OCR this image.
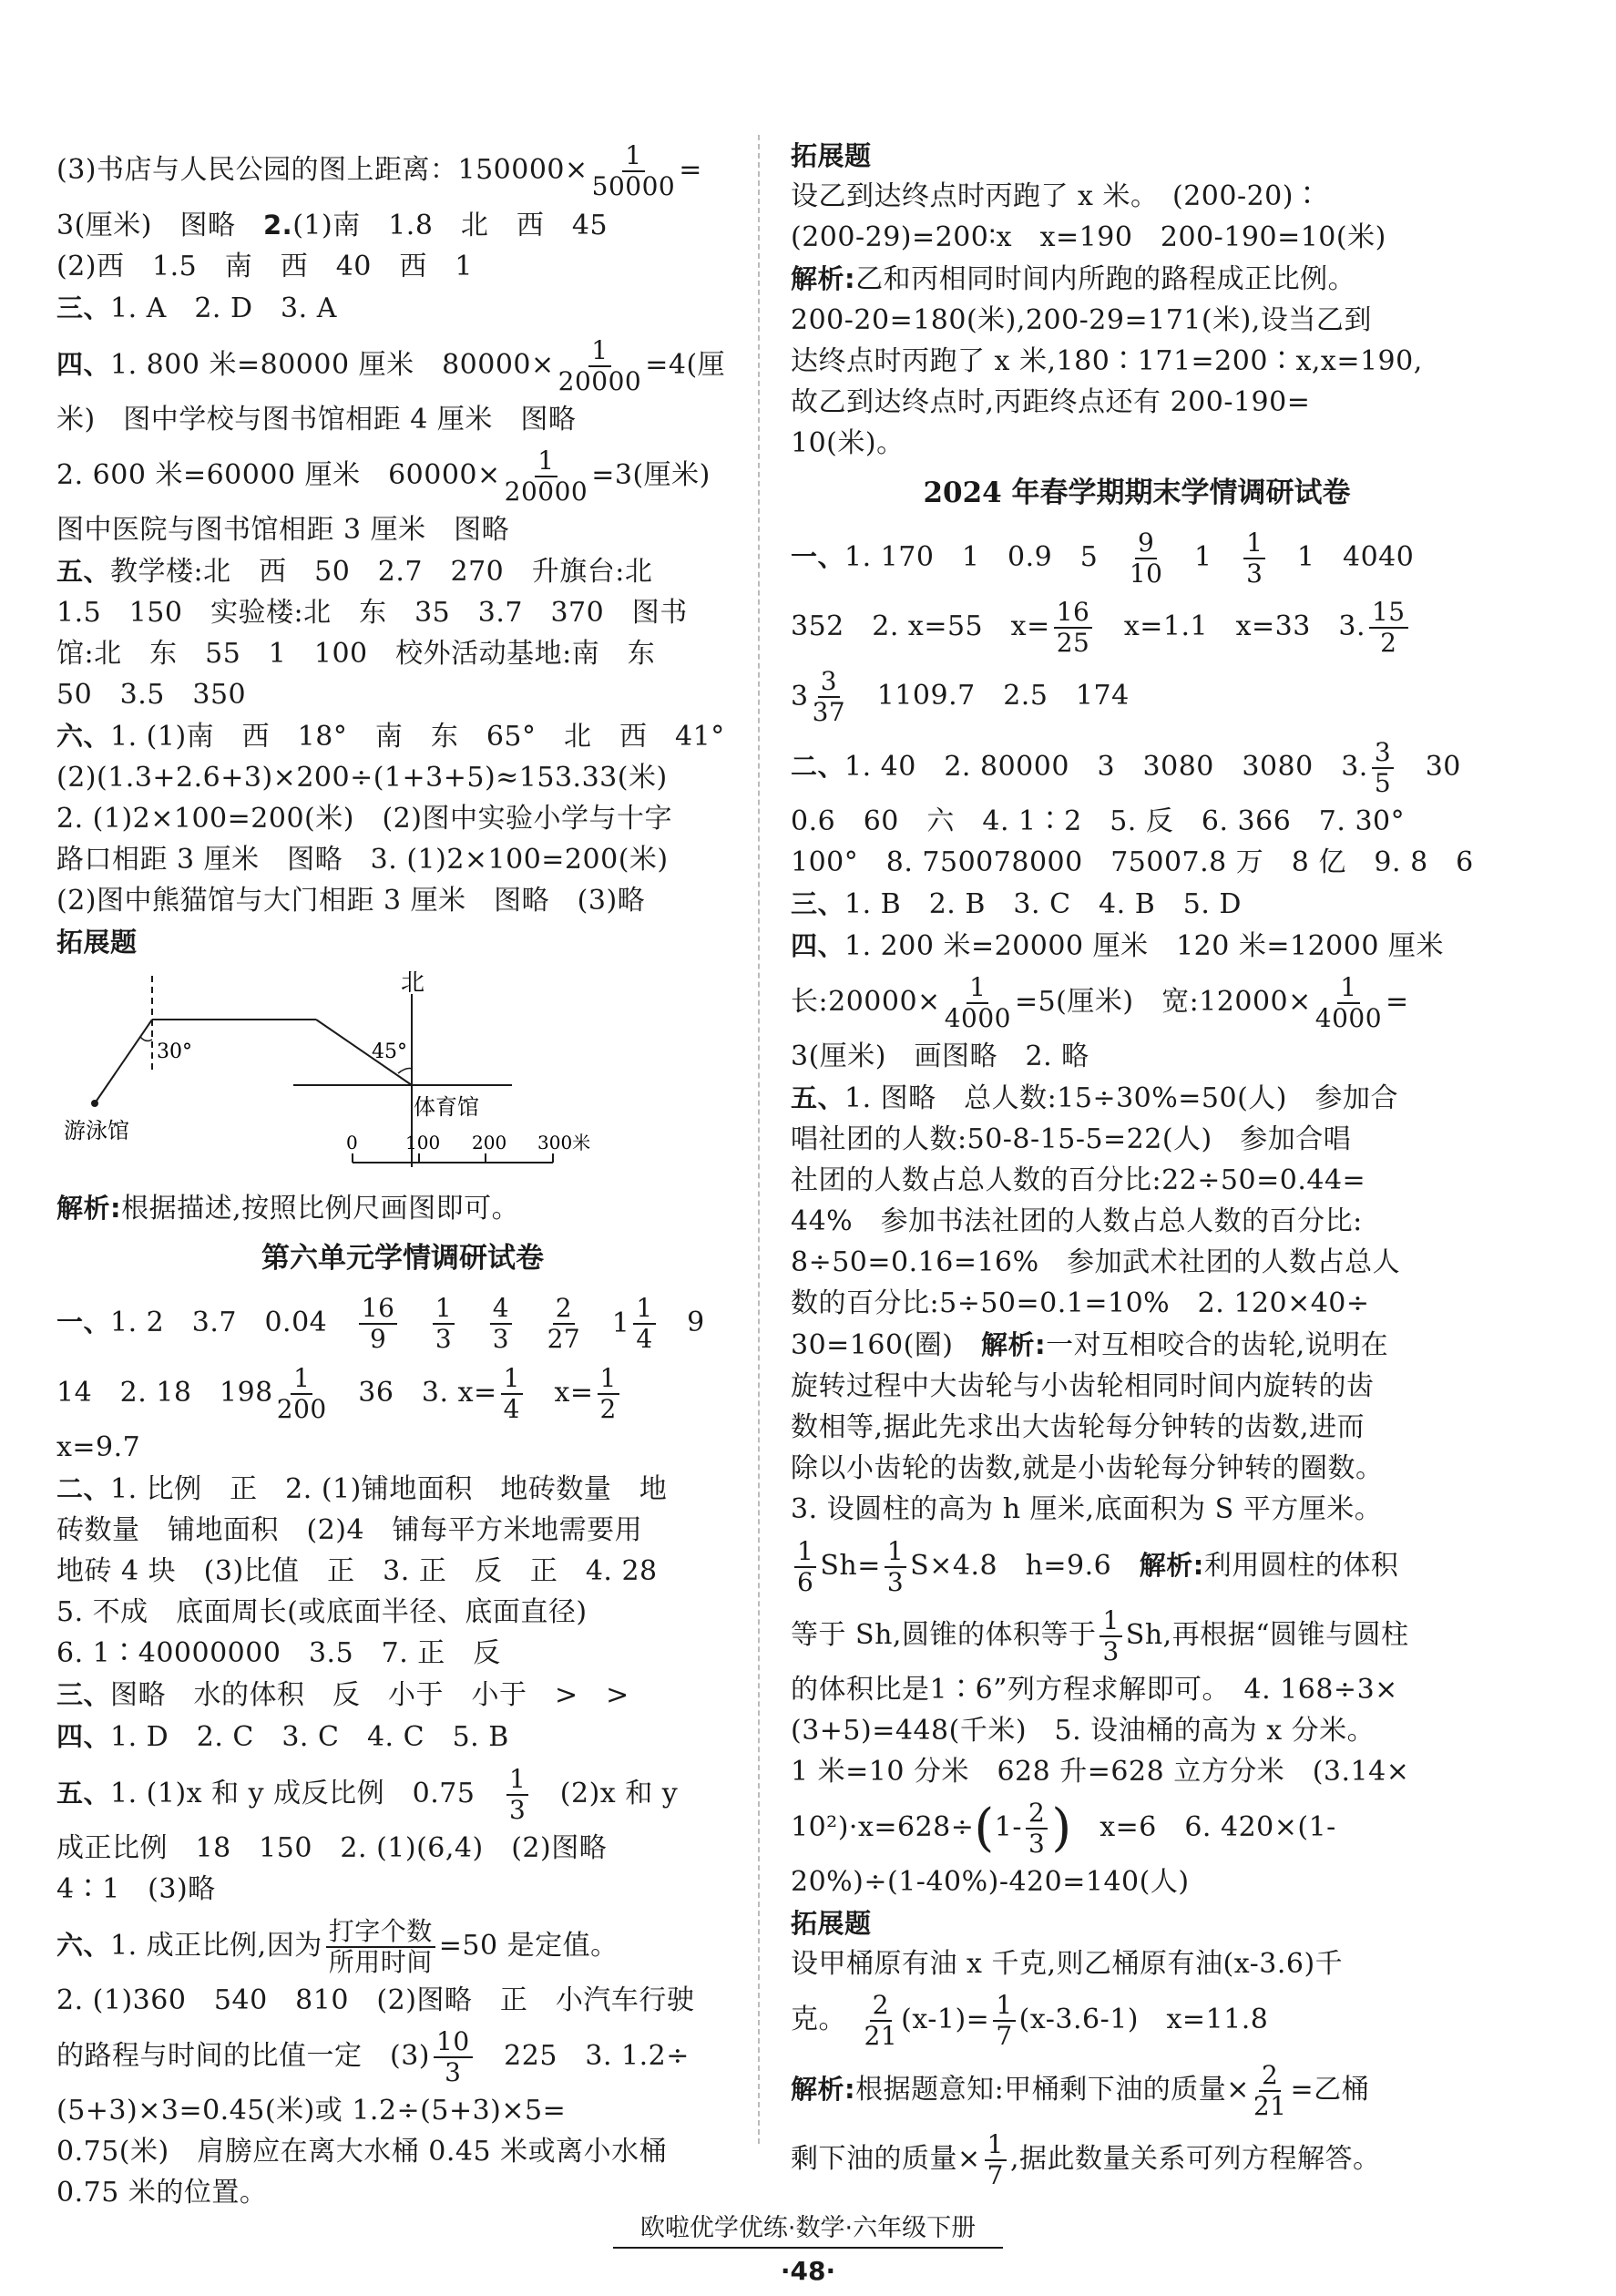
(3)书店与人民公园的图上距离：$150000\times \frac{1}{50000}$ =
3(厘米)　图略　2.(1)南　1.8　北　西　45
(2)西　1.5　南　西　40　西　1
三、1. A　2. D　3. A
四、1. 800 米=80000 厘米　$80000\times \frac{1}{20000} =4$(厘
米)　图中学校与图书馆相距 4 厘米　图略
2. 600 米=60000 厘米　$60000\times \frac{1}{20000} =3$(厘米)
图中医院与图书馆相距 3 厘米　图略
五、教学楼:北　西　50　2.7　270　升旗台:北
1.5　150　实验楼:北　东　35　3.7　370　图书
馆:北　东　55　1　100　校外活动基地:南　东
50　3.5　350
六、1. (1)南　西　18°　南　东　65°　北　西　41°
(2)(1.3+2.6+3)×200÷(1+3+5)≈153.33(米)
2. (1)2×100=200(米)　(2)图中实验小学与十字
路口相距 3 厘米　图略　3. (1)2×100=200(米)
(2)图中熊猫馆与大门相距 3 厘米　图略　(3)略
拓展题
北
30°	45°
游泳馆
体育馆
0	100 200 300米
解析:根据描述,按照比例尺画图即可。
第六单元学情调研试卷
一、1. 2　3.7　0.04　 $\frac{16}{9}$
　 $\frac{1}{3}$
　 $\frac{4}{3}$
　 $\frac{2}{27}$
　 $1 \frac{1}{4}$
　 9
14　2. 18　$198 \frac{1}{200}$
　 36　3. $x= \frac{1}{4}$
　 $x= \frac{1}{2}$
x=9.7
二、1. 比例　正　2. (1)铺地面积　地砖数量　地
砖数量　铺地面积　(2)4　铺每平方米地需要用
地砖 4 块　(3)比值　正　3. 正　反　正　4. 28
5. 不成　底面周长(或底面半径、底面直径)
6. 1∶40000000　3.5　7. 正　反
三、图略　水的体积　反　小于　小于　>　>
四、1. D　2. C　3. C　4. C　5. B
五、1. (1)x 和 y 成反比例　0.75　 $\frac{1}{3}$
　 (2)x 和 y
成正比例　18　150　2. (1)(6,4)　(2)图略
4∶1　(3)略
六、1. 成正比例,因为 $\frac{\text{打字个数}}{\text{所用时间}} =50$ 是定值。
2. (1)360　540　810　(2)图略　正　小汽车行驶
的路程与时间的比值一定　$(3) \frac{10}{3}$
　 225　3. 1.2÷
(5+3)×3=0.45(米)或 1.2÷(5+3)×5=
0.75(米)　肩膀应在离大水桶 0.45 米或离小水桶
0.75 米的位置。
拓展题
设乙到达终点时丙跑了 x 米。　(200-20)∶
(200-29)=200∶x　x=190　200-190=10(米)
解析:乙和丙相同时间内所跑的路程成正比例。
200-20=180(米),200-29=171(米),设当乙到
达终点时丙跑了 x 米,180∶171=200∶x,x=190,
故乙到达终点时,丙距终点还有 200-190=
10(米)。
2024 年春学期期末学情调研试卷
一、1. 170　1　0.9　5　 $\frac{9}{10}$
　 1　 $\frac{1}{3}$
　 1　4040
352　2. x=55　$x= \frac{16}{25}$
　 x=1.1　x=33　3. $\frac{15}{2}$
$3 \frac{3}{37}$
　 1109.7　2.5　174
二、1. 40　2. 80000　3　3080　3080　3. $\frac{3}{5}$
　 30
0.6　60　六　4. 1∶2　5. 反　6. 366　7. 30°
100°　8. 750078000　75007.8 万　8 亿　9. 8　6
三、1. B　2. B　3. C　4. B　5. D
四、1. 200 米=20000 厘米　120 米=12000 厘米
长:20000× $\frac{1}{4000} =5$(厘米)　宽:12000× $\frac{1}{4000}$ =
3(厘米)　画图略　2. 略
五、1. 图略　总人数:15÷30%=50(人)　参加合
唱社团的人数:50-8-15-5=22(人)　参加合唱
社团的人数占总人数的百分比:22÷50=0.44=
44%　参加书法社团的人数占总人数的百分比:
8÷50=0.16=16%　参加武术社团的人数占总人
数的百分比:5÷50=0.1=10%　2. 120×40÷
30=160(圈)　解析:一对互相咬合的齿轮,说明在
旋转过程中大齿轮与小齿轮相同时间内旋转的齿
数相等,据此先求出大齿轮每分钟转的齿数,进而
除以小齿轮的齿数,就是小齿轮每分钟转的圈数。
3. 设圆柱的高为 h 厘米,底面积为 S 平方厘米。
$\frac{1}{6} Sh= \frac{1}{3} S\times 4.8$　h=9.6　解析:利用圆柱的体积
等于 Sh,圆锥的体积等于 $\frac{1}{3} Sh$,再根据“圆锥与圆柱
的体积比是1∶6”列方程求解即可。　4. 168÷3×
(3+5)=448(千米)　5. 设油桶的高为 x 分米。
1 米=10 分米　628 升=628 立方分米　(3.14×
$10^2)\cdot x=628\div(1- \frac{2}{3}$ )　 x=6　6. 420×(1-
20%)÷(1-40%)-420=140(人)
拓展题
设甲桶原有油 x 千克,则乙桶原有油(x-3.6)千
克。　 $\frac{2}{21} (x-1)= \frac{1}{7} (x-3.6-1)$　x=11.8
解析:根据题意知:甲桶剩下油的质量× $\frac{2}{21}$ =乙桶
剩下油的质量× $\frac{1}{7}$ ,据此数量关系可列方程解答。
欧啦优学优练·数学·六年级下册
·48·
